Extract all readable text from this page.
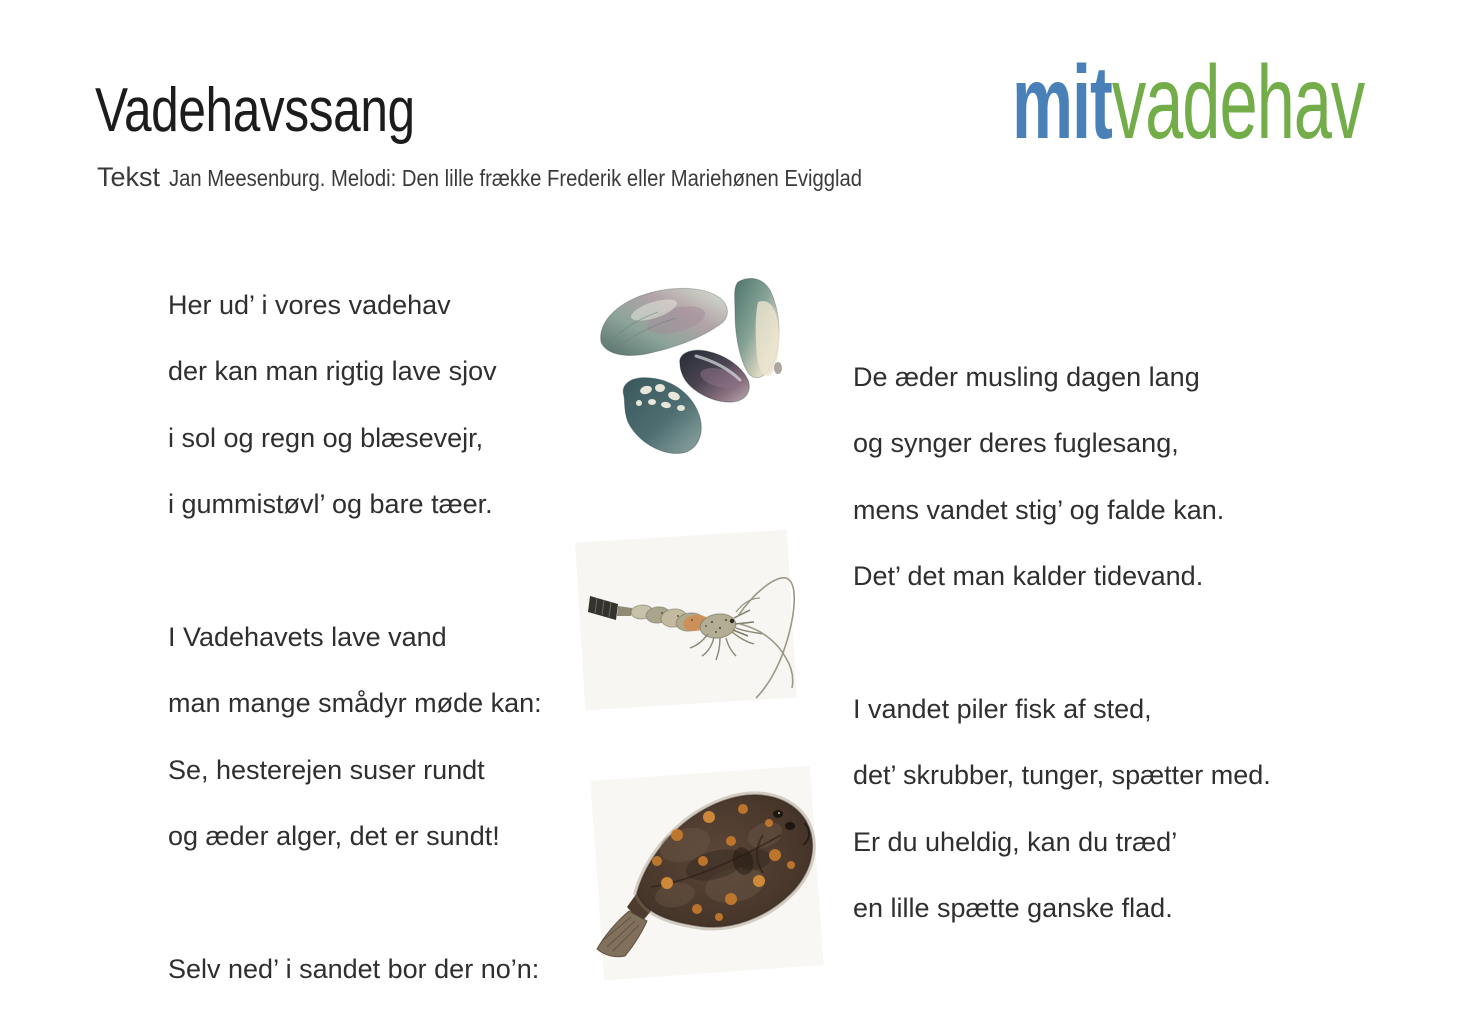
Vadehavssang
Tekst Jan Meesenburg. Melodi: Den lille frække Frederik eller Mariehønen Evigglad
mitvadehav
Her ud’ i vores vadehav
der kan man rigtig lave sjov
i sol og regn og blæsevejr,
i gummistøvl’ og bare tæer.
I Vadehavets lave vand
man mange smådyr møde kan:
Se, hesterejen suser rundt
og æder alger, det er sundt!
Selv ned’ i sandet bor der no’n:
De æder musling dagen lang
og synger deres fuglesang,
mens vandet stig’ og falde kan.
Det’ det man kalder tidevand.
I vandet piler fisk af sted,
det’ skrubber, tunger, spætter med.
Er du uheldig, kan du træd’
en lille spætte ganske flad.
